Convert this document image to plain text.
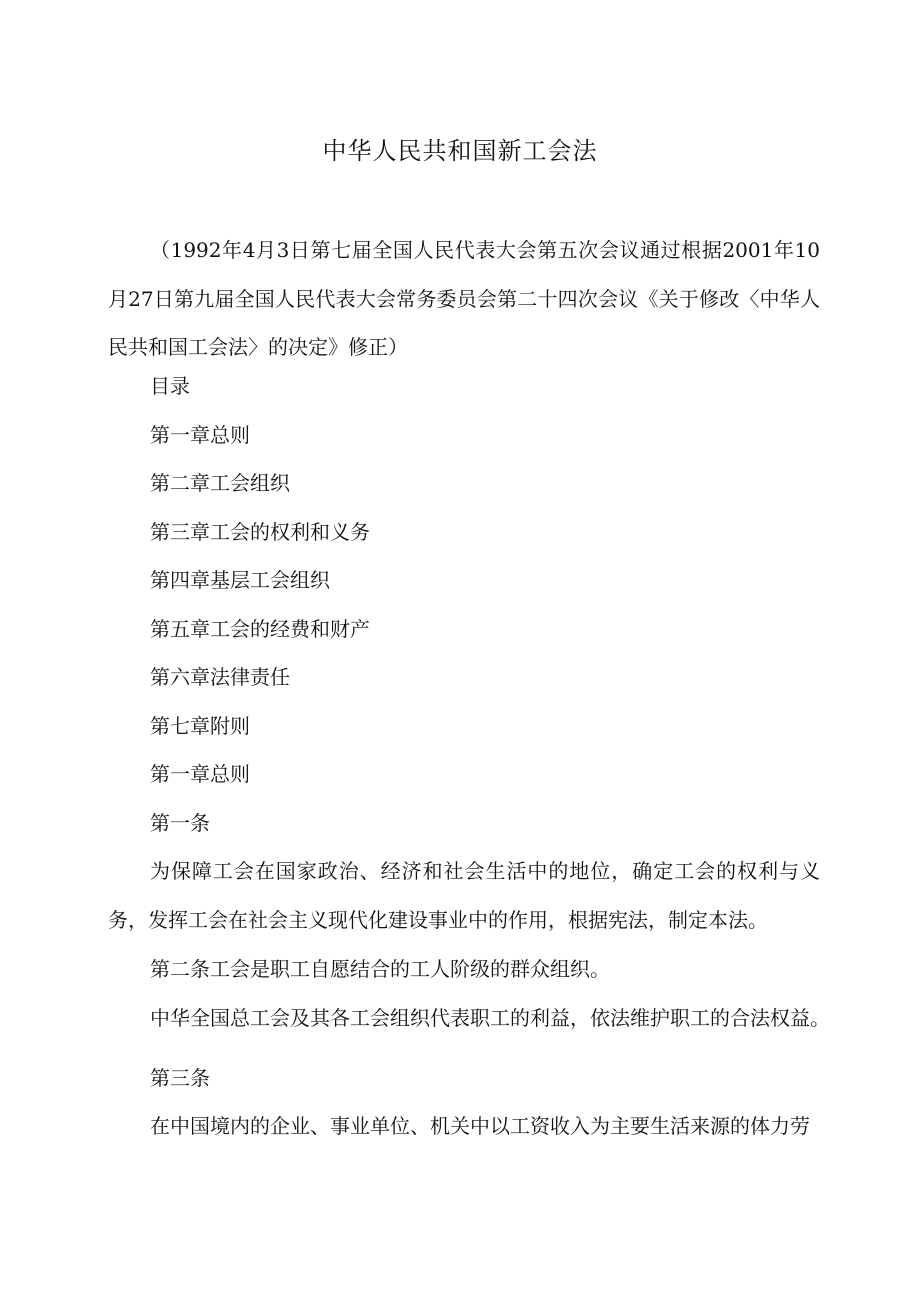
中华人民共和国新工会法

（1992年4月3日第七届全国人民代表大会第五次会议通过根据2001年10月27日第九届全国人民代表大会常务委员会第二十四次会议《关于修改〈中华人民共和国工会法〉的决定》修正）

目录

第一章总则

第二章工会组织

第三章工会的权利和义务

第四章基层工会组织

第五章工会的经费和财产

第六章法律责任

第七章附则

第一章总则

第一条

为保障工会在国家政治、经济和社会生活中的地位，确定工会的权利与义务，发挥工会在社会主义现代化建设事业中的作用，根据宪法，制定本法。

第二条工会是职工自愿结合的工人阶级的群众组织。

中华全国总工会及其各工会组织代表职工的利益，依法维护职工的合法权益。

第三条

在中国境内的企业、事业单位、机关中以工资收入为主要生活来源的体力劳
